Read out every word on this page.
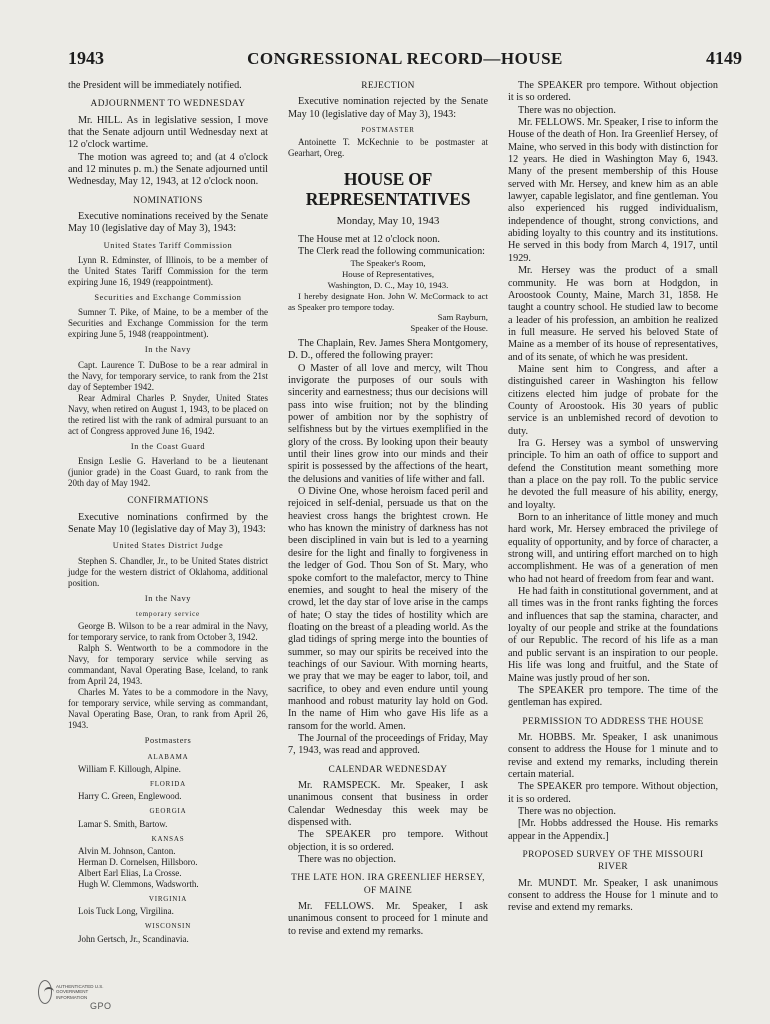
1943	CONGRESSIONAL RECORD—HOUSE	4149

the President will be immediately notified.

ADJOURNMENT TO WEDNESDAY

Mr. HILL. As in legislative session, I move that the Senate adjourn until Wednesday next at 12 o'clock wartime.

The motion was agreed to; and (at 4 o'clock and 12 minutes p. m.) the Senate adjourned until Wednesday, May 12, 1943, at 12 o'clock noon.

NOMINATIONS

Executive nominations received by the Senate May 10 (legislative day of May 3), 1943:

United States Tariff Commission

Lynn R. Edminster, of Illinois, to be a member of the United States Tariff Commission for the term expiring June 16, 1949 (reappointment).

Securities and Exchange Commission

Sumner T. Pike, of Maine, to be a member of the Securities and Exchange Commission for the term expiring June 5, 1948 (reappointment).

In the Navy

Capt. Laurence T. DuBose to be a rear admiral in the Navy, for temporary service, to rank from the 21st day of September 1942.

Rear Admiral Charles P. Snyder, United States Navy, when retired on August 1, 1943, to be placed on the retired list with the rank of admiral pursuant to an act of Congress approved June 16, 1942.

In the Coast Guard

Ensign Leslie G. Haverland to be a lieutenant (junior grade) in the Coast Guard, to rank from the 20th day of May 1942.

CONFIRMATIONS

Executive nominations confirmed by the Senate May 10 (legislative day of May 3), 1943:

United States District Judge

Stephen S. Chandler, Jr., to be United States district judge for the western district of Oklahoma, additional position.

In the Navy

temporary service

George B. Wilson to be a rear admiral in the Navy, for temporary service, to rank from October 3, 1942.

Ralph S. Wentworth to be a commodore in the Navy, for temporary service while serving as commandant, Naval Operating Base, Iceland, to rank from April 24, 1943.

Charles M. Yates to be a commodore in the Navy, for temporary service, while serving as commandant, Naval Operating Base, Oran, to rank from April 26, 1943.

Postmasters

ALABAMA

William F. Killough, Alpine.

FLORIDA

Harry C. Green, Englewood.

GEORGIA

Lamar S. Smith, Bartow.

KANSAS

Alvin M. Johnson, Canton.

Herman D. Cornelsen, Hillsboro.

Albert Earl Elias, La Crosse.

Hugh W. Clemmons, Wadsworth.

VIRGINIA

Lois Tuck Long, Virgilina.

WISCONSIN

John Gertsch, Jr., Scandinavia.

REJECTION

Executive nomination rejected by the Senate May 10 (legislative day of May 3), 1943:

POSTMASTER

Antoinette T. McKechnie to be postmaster at Gearhart, Oreg.

HOUSE OF REPRESENTATIVES

Monday, May 10, 1943

The House met at 12 o'clock noon.

The Clerk read the following communication:

The Speaker's Room,

House of Representatives,

Washington, D. C., May 10, 1943.

I hereby designate Hon. John W. McCormack to act as Speaker pro tempore today.

Sam Rayburn,

Speaker of the House.

The Chaplain, Rev. James Shera Montgomery, D. D., offered the following prayer:

O Master of all love and mercy, wilt Thou invigorate the purposes of our souls with sincerity and earnestness; thus our decisions will pass into wise fruition; not by the blinding power of ambition nor by the sophistry of selfishness but by the virtues exemplified in the glory of the cross. By looking upon their beauty until their lines grow into our minds and their spirit is possessed by the affections of the heart, the delusions and vanities of life wither and fall.

O Divine One, whose heroism faced peril and rejoiced in self-denial, persuade us that on the heaviest cross hangs the brightest crown. He who has known the ministry of darkness has not been disciplined in vain but is led to a yearning desire for the light and finally to forgiveness in the ledger of God. Thou Son of St. Mary, who spoke comfort to the malefactor, mercy to Thine enemies, and sought to heal the misery of the crowd, let the day star of love arise in the camps of hate; O stay the tides of hostility which are floating on the breast of a pleading world. As the glad tidings of spring merge into the bounties of summer, so may our spirits be received into the teachings of our Saviour. With morning hearts, we pray that we may be eager to labor, toil, and sacrifice, to obey and even endure until young manhood and robust maturity lay hold on God. In the name of Him who gave His life as a ransom for the world. Amen.

The Journal of the proceedings of Friday, May 7, 1943, was read and approved.

CALENDAR WEDNESDAY

Mr. RAMSPECK. Mr. Speaker, I ask unanimous consent that business in order Calendar Wednesday this week may be dispensed with.

The SPEAKER pro tempore. Without objection, it is so ordered.

There was no objection.

THE LATE HON. IRA GREENLIEF HERSEY, OF MAINE

Mr. FELLOWS. Mr. Speaker, I ask unanimous consent to proceed for 1 minute and to revise and extend my remarks.

The SPEAKER pro tempore. Without objection it is so ordered.

There was no objection.

Mr. FELLOWS. Mr. Speaker, I rise to inform the House of the death of Hon. Ira Greenlief Hersey, of Maine, who served in this body with distinction for 12 years. He died in Washington May 6, 1943. Many of the present membership of this House served with Mr. Hersey, and knew him as an able lawyer, capable legislator, and fine gentleman. You also experienced his rugged individualism, independence of thought, strong convictions, and abiding loyalty to this country and its institutions. He served in this body from March 4, 1917, until 1929.

Mr. Hersey was the product of a small community. He was born at Hodgdon, in Aroostook County, Maine, March 31, 1858. He taught a country school. He studied law to become a leader of his profession, an ambition he realized in full measure. He served his beloved State of Maine as a member of its house of representatives, and of its senate, of which he was president.

Maine sent him to Congress, and after a distinguished career in Washington his fellow citizens elected him judge of probate for the County of Aroostook. His 30 years of public service is an unblemished record of devotion to duty.

Ira G. Hersey was a symbol of unswerving principle. To him an oath of office to support and defend the Constitution meant something more than a place on the pay roll. To the public service he devoted the full measure of his ability, energy, and loyalty.

Born to an inheritance of little money and much hard work, Mr. Hersey embraced the privilege of equality of opportunity, and by force of character, a strong will, and untiring effort marched on to high accomplishment. He was of a generation of men who had not heard of freedom from fear and want.

He had faith in constitutional government, and at all times was in the front ranks fighting the forces and influences that sap the stamina, character, and loyalty of our people and strike at the foundations of our Republic. The record of his life as a man and public servant is an inspiration to our people. His life was long and fruitful, and the State of Maine was justly proud of her son.

The SPEAKER pro tempore. The time of the gentleman has expired.

PERMISSION TO ADDRESS THE HOUSE

Mr. HOBBS. Mr. Speaker, I ask unanimous consent to address the House for 1 minute and to revise and extend my remarks, including therein certain material.

The SPEAKER pro tempore. Without objection, it is so ordered.

There was no objection.

[Mr. Hobbs addressed the House. His remarks appear in the Appendix.]

PROPOSED SURVEY OF THE MISSOURI RIVER

Mr. MUNDT. Mr. Speaker, I ask unanimous consent to address the House for 1 minute and to revise and extend my remarks.

AUTHENTICATED U.S. GOVERNMENT INFORMATION
GPO
